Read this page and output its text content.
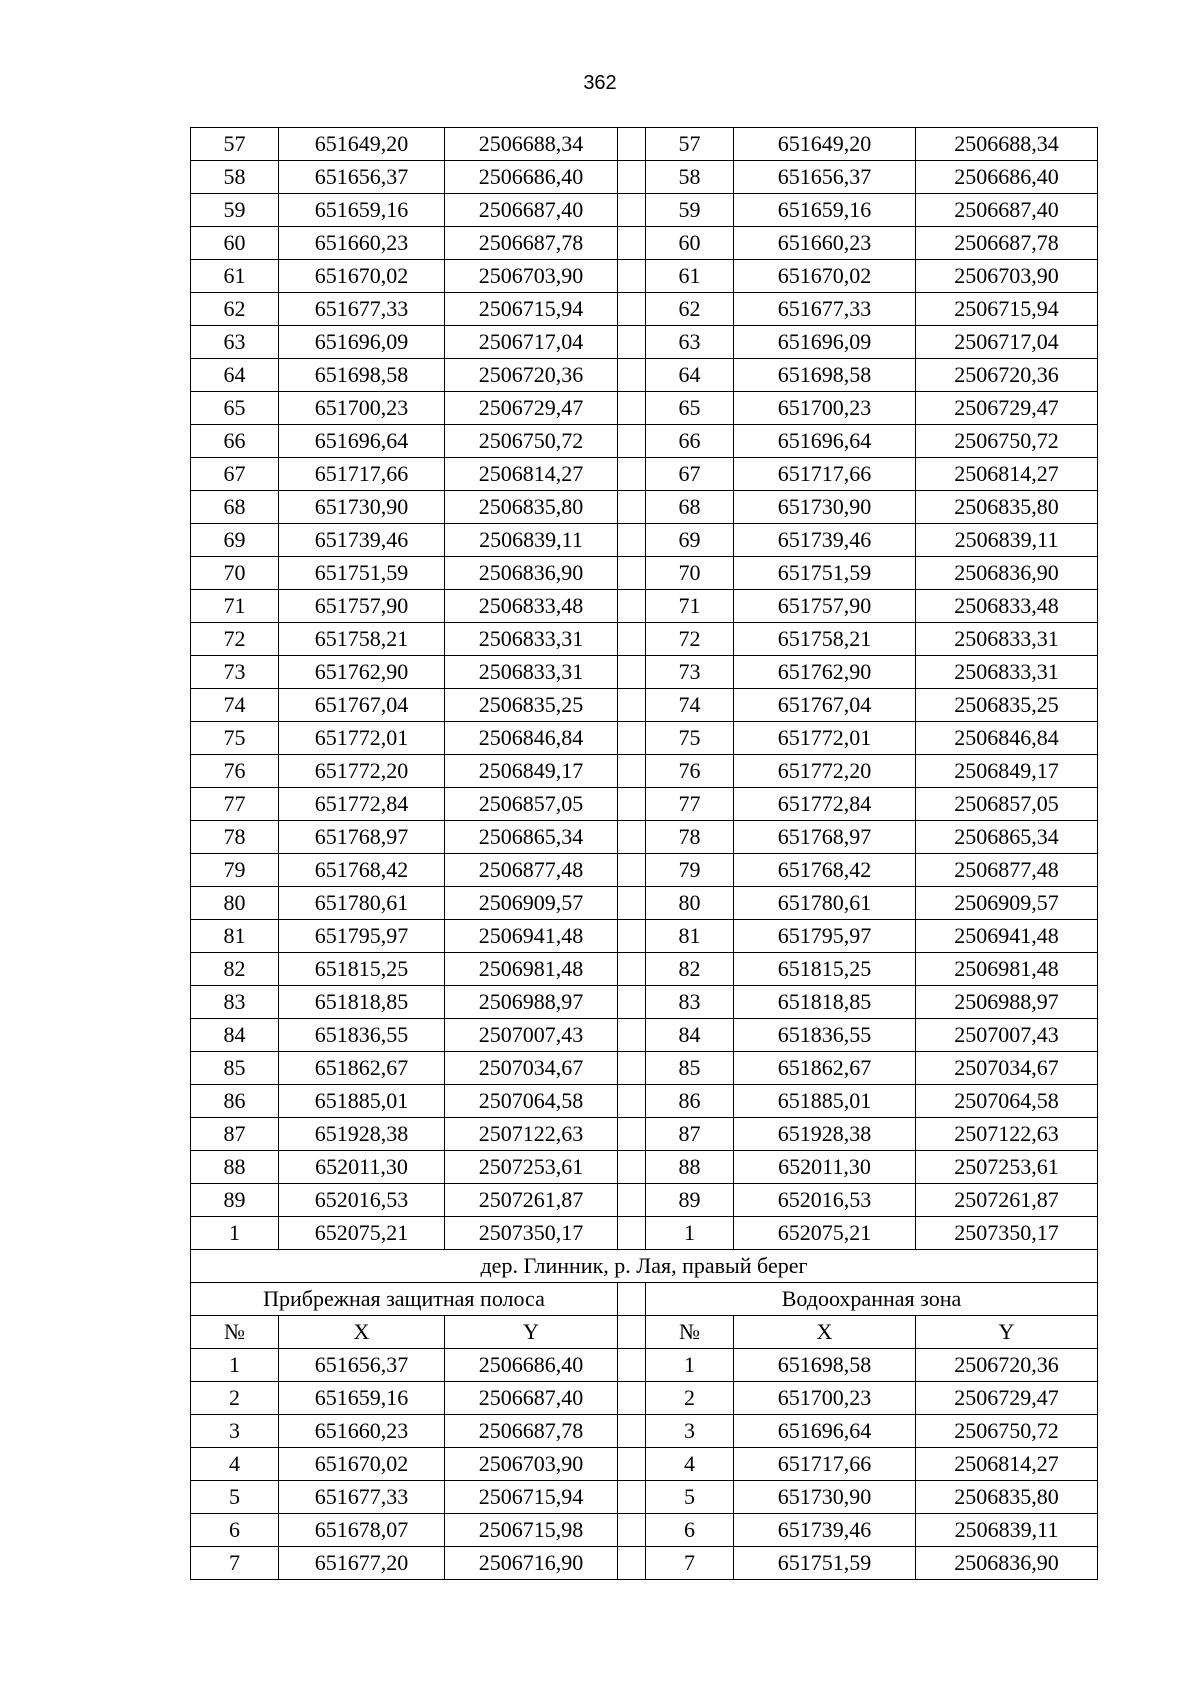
362
57	651649,20	2506688,34		57	651649,20	2506688,34
58	651656,37	2506686,40		58	651656,37	2506686,40
59	651659,16	2506687,40		59	651659,16	2506687,40
60	651660,23	2506687,78		60	651660,23	2506687,78
61	651670,02	2506703,90		61	651670,02	2506703,90
62	651677,33	2506715,94		62	651677,33	2506715,94
63	651696,09	2506717,04		63	651696,09	2506717,04
64	651698,58	2506720,36		64	651698,58	2506720,36
65	651700,23	2506729,47		65	651700,23	2506729,47
66	651696,64	2506750,72		66	651696,64	2506750,72
67	651717,66	2506814,27		67	651717,66	2506814,27
68	651730,90	2506835,80		68	651730,90	2506835,80
69	651739,46	2506839,11		69	651739,46	2506839,11
70	651751,59	2506836,90		70	651751,59	2506836,90
71	651757,90	2506833,48		71	651757,90	2506833,48
72	651758,21	2506833,31		72	651758,21	2506833,31
73	651762,90	2506833,31		73	651762,90	2506833,31
74	651767,04	2506835,25		74	651767,04	2506835,25
75	651772,01	2506846,84		75	651772,01	2506846,84
76	651772,20	2506849,17		76	651772,20	2506849,17
77	651772,84	2506857,05		77	651772,84	2506857,05
78	651768,97	2506865,34		78	651768,97	2506865,34
79	651768,42	2506877,48		79	651768,42	2506877,48
80	651780,61	2506909,57		80	651780,61	2506909,57
81	651795,97	2506941,48		81	651795,97	2506941,48
82	651815,25	2506981,48		82	651815,25	2506981,48
83	651818,85	2506988,97		83	651818,85	2506988,97
84	651836,55	2507007,43		84	651836,55	2507007,43
85	651862,67	2507034,67		85	651862,67	2507034,67
86	651885,01	2507064,58		86	651885,01	2507064,58
87	651928,38	2507122,63		87	651928,38	2507122,63
88	652011,30	2507253,61		88	652011,30	2507253,61
89	652016,53	2507261,87		89	652016,53	2507261,87
1	652075,21	2507350,17		1	652075,21	2507350,17
дер. Глинник, р. Лая, правый берег						
Прибрежная защитная полоса				Водоохранная зона		
№	X	Y		№	X	Y
1	651656,37	2506686,40		1	651698,58	2506720,36
2	651659,16	2506687,40		2	651700,23	2506729,47
3	651660,23	2506687,78		3	651696,64	2506750,72
4	651670,02	2506703,90		4	651717,66	2506814,27
5	651677,33	2506715,94		5	651730,90	2506835,80
6	651678,07	2506715,98		6	651739,46	2506839,11
7	651677,20	2506716,90		7	651751,59	2506836,90
